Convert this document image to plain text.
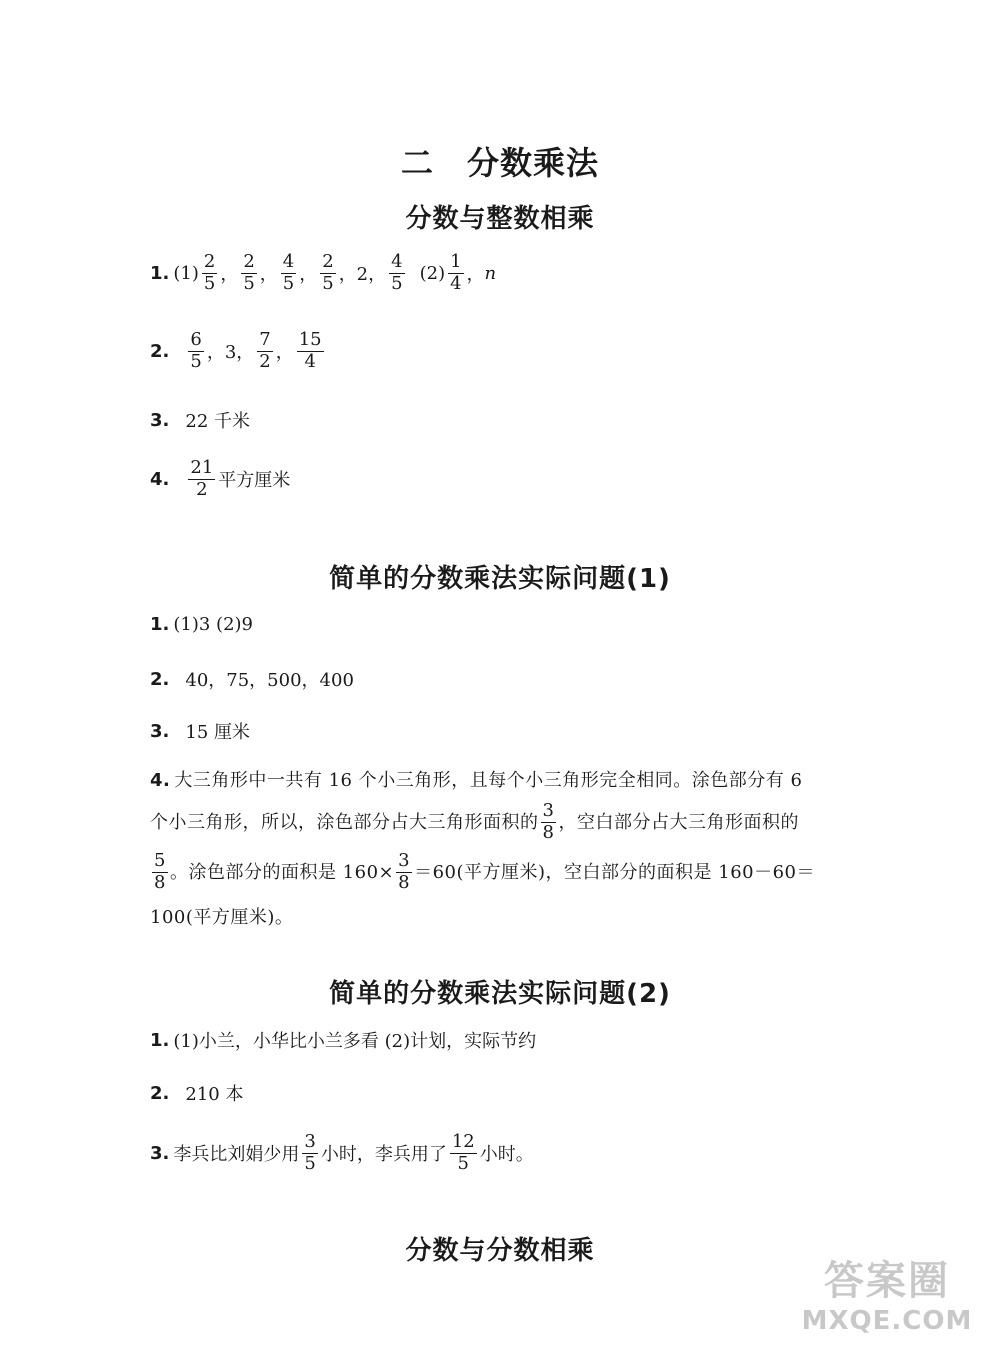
二　分数乘法
分数与整数相乘
1. $(1) \frac{2}{5}$ ， $\frac{2}{5}$ ， $\frac{4}{5}$ ， $\frac{2}{5}$ ，2， $\frac{4}{5} (2) \frac{1}{4}$ ， n
2. $\frac{6}{5}$ ，3， $\frac{7}{2}$ ， $\frac{15}{4}$
3. 22 千米
4. $\frac{21}{2}$ 平方厘米
简单的分数乘法实际问题(1)
1. (1)3 (2)9
2. 40，75，500，400
3. 15 厘米
4. 大三角形中一共有 16 个小三角形，且每个小三角形完全相同。涂色部分有 6
个小三角形，所以，涂色部分占大三角形面积的 $\frac{3}{8}$ ，空白部分占大三角形面积的
$\frac{5}{8}$ 。涂色部分的面积是 $160\times \frac{3}{8} =60$(平方厘米)，空白部分的面积是 160－60＝
100(平方厘米)。
简单的分数乘法实际问题(2)
1. (1)小兰，小华比小兰多看 (2)计划，实际节约
2. 210 本
3. 李兵比刘娟少用 $\frac{3}{5}$ 小时，李兵用了 $\frac{12}{5}$ 小时。
分数与分数相乘
答案圈
MXQE.COM
